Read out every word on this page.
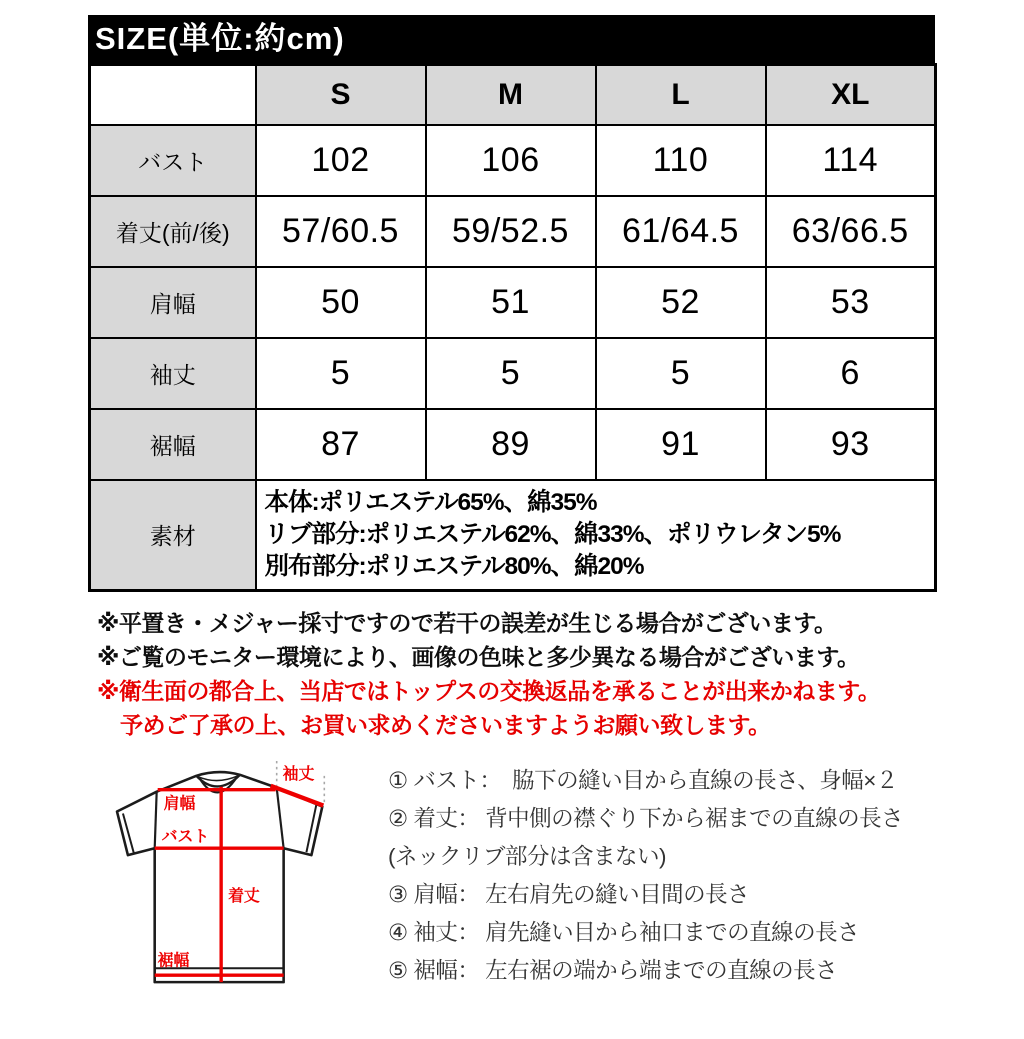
SIZE(単位:約cm)
	S	M	L	XL
バスト	102	106	110	114
着丈(前/後)	57/60.5	59/52.5	61/64.5	63/66.5
肩幅	50	51	52	53
袖丈	5	5	5	6
裾幅	87	89	91	93
素材	本体:ポリエステル65%、綿35%
リブ部分:ポリエステル62%、綿33%、ポリウレタン5%
別布部分:ポリエステル80%、綿20%			
※平置き・メジャー採寸ですので若干の誤差が生じる場合がございます。
※ご覧のモニター環境により、画像の色味と多少異なる場合がございます。
※衛生面の都合上、当店ではトップスの交換返品を承ることが出来かねます。
予めご了承の上、お買い求めくださいますようお願い致します。
肩幅
バスト
着丈
袖丈
裾幅
① バスト：　脇下の縫い目から直線の長さ、身幅×２
② 着丈： 背中側の襟ぐり下から裾までの直線の長さ
(ネックリブ部分は含まない)
③ 肩幅： 左右肩先の縫い目間の長さ
④ 袖丈： 肩先縫い目から袖口までの直線の長さ
⑤ 裾幅： 左右裾の端から端までの直線の長さ
